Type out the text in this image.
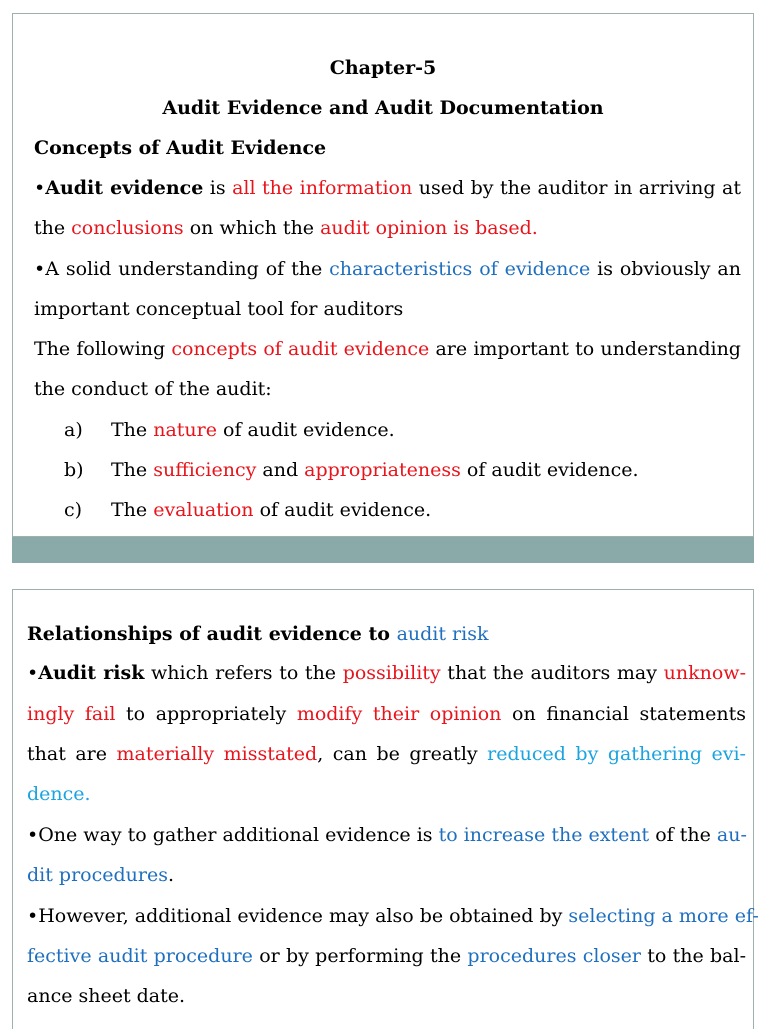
Chapter-5

Audit Evidence and Audit Documentation

Concepts of Audit Evidence

•Audit evidence is all the information used by the auditor in arriving at

the conclusions on which the audit opinion is based.

•A solid understanding of the characteristics of evidence is obviously an

important conceptual tool for auditors

The following concepts of audit evidence are important to understanding

the conduct of the audit:

a) The nature of audit evidence.

b) The sufficiency and appropriateness of audit evidence.

c) The evaluation of audit evidence.

Relationships of audit evidence to audit risk

•Audit risk which refers to the possibility that the auditors may unknow-

ingly fail to appropriately modify their opinion on financial statements

that are materially misstated, can be greatly reduced by gathering evi-

dence.

•One way to gather additional evidence is to increase the extent of the au-

dit procedures.

•However, additional evidence may also be obtained by selecting a more ef-

fective audit procedure or by performing the procedures closer to the bal-

ance sheet date.
